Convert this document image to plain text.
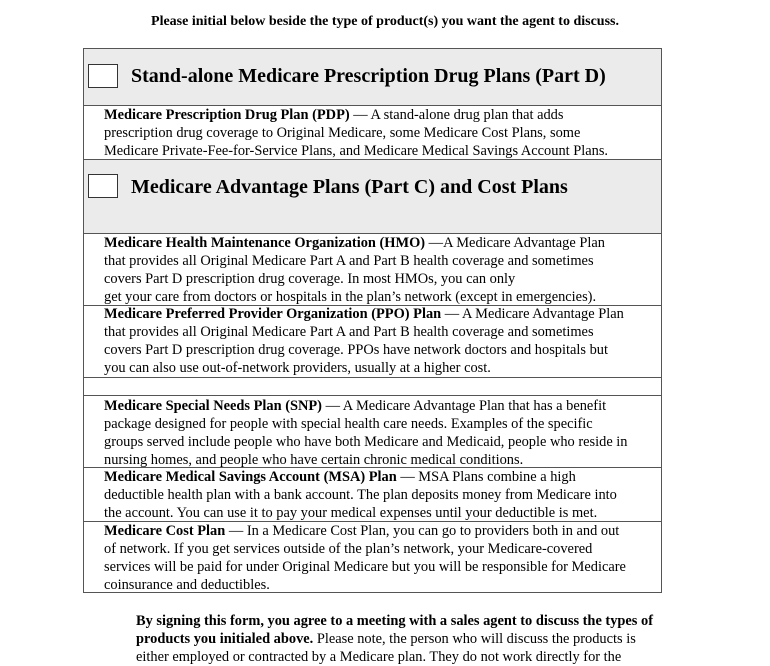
Please initial below beside the type of product(s) you want the agent to discuss.
Stand-alone Medicare Prescription Drug Plans (Part D)
Medicare Prescription Drug Plan (PDP) — A stand-alone drug plan that adds
prescription drug coverage to Original Medicare, some Medicare Cost Plans, some
Medicare Private-Fee-for-Service Plans, and Medicare Medical Savings Account Plans.
Medicare Advantage Plans (Part C) and Cost Plans
Medicare Health Maintenance Organization (HMO) —A Medicare Advantage Plan
that provides all Original Medicare Part A and Part B health coverage and sometimes
covers Part D prescription drug coverage. In most HMOs, you can only
get your care from doctors or hospitals in the plan’s network (except in emergencies).
Medicare Preferred Provider Organization (PPO) Plan — A Medicare Advantage Plan
that provides all Original Medicare Part A and Part B health coverage and sometimes
covers Part D prescription drug coverage. PPOs have network doctors and hospitals but
you can also use out-of-network providers, usually at a higher cost.
Medicare Special Needs Plan (SNP) — A Medicare Advantage Plan that has a benefit
package designed for people with special health care needs. Examples of the specific
groups served include people who have both Medicare and Medicaid, people who reside in
nursing homes, and people who have certain chronic medical conditions.
Medicare Medical Savings Account (MSA) Plan — MSA Plans combine a high
deductible health plan with a bank account. The plan deposits money from Medicare into
the account. You can use it to pay your medical expenses until your deductible is met.
Medicare Cost Plan — In a Medicare Cost Plan, you can go to providers both in and out
of network. If you get services outside of the plan’s network, your Medicare-covered
services will be paid for under Original Medicare but you will be responsible for Medicare
coinsurance and deductibles.
By signing this form, you agree to a meeting with a sales agent to discuss the types of
products you initialed above. Please note, the person who will discuss the products is
either employed or contracted by a Medicare plan. They do not work directly for the
